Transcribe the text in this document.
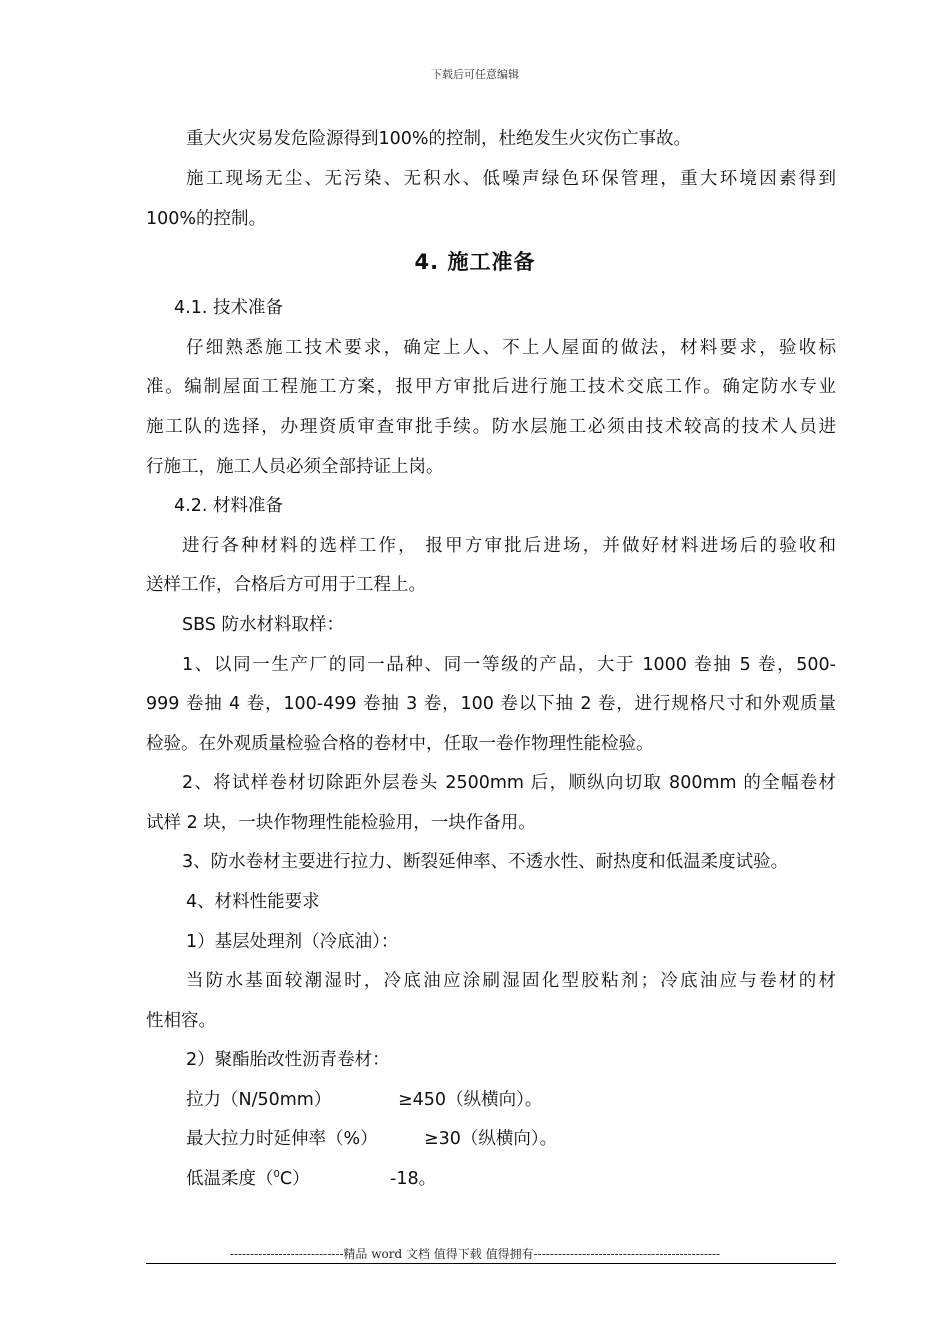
下载后可任意编辑
重大火灾易发危险源得到100%的控制，杜绝发生火灾伤亡事故。
施工现场无尘、无污染、无积水、低噪声绿色环保管理，重大环境因素得到
100%的控制。
4. 施工准备
4.1. 技术准备
仔细熟悉施工技术要求，确定上人、不上人屋面的做法，材料要求，验收标
准。编制屋面工程施工方案，报甲方审批后进行施工技术交底工作。确定防水专业
施工队的选择，办理资质审查审批手续。防水层施工必须由技术较高的技术人员进
行施工，施工人员必须全部持证上岗。
4.2. 材料准备
进行各种材料的选样工作， 报甲方审批后进场，并做好材料进场后的验收和
送样工作，合格后方可用于工程上。
SBS 防水材料取样：
1、以同一生产厂的同一品种、同一等级的产品，大于 1000 卷抽 5 卷，500-
999 卷抽 4 卷，100-499 卷抽 3 卷，100 卷以下抽 2 卷，进行规格尺寸和外观质量
检验。在外观质量检验合格的卷材中，任取一卷作物理性能检验。
2、将试样卷材切除距外层卷头 2500mm 后，顺纵向切取 800mm 的全幅卷材
试样 2 块，一块作物理性能检验用，一块作备用。
3、防水卷材主要进行拉力、断裂延伸率、不透水性、耐热度和低温柔度试验。
4、材料性能要求
1）基层处理剂（冷底油）：
当防水基面较潮湿时，冷底油应涂刷湿固化型胶粘剂；冷底油应与卷材的材
性相容。
2）聚酯胎改性沥青卷材：
拉力（N/50mm）	≥450（纵横向）。
最大拉力时延伸率（%）	≥30（纵横向）。
低温柔度（$^0$C）	-18。
----------------------------精品 word 文档 值得下载 值得拥有----------------------------------------------
